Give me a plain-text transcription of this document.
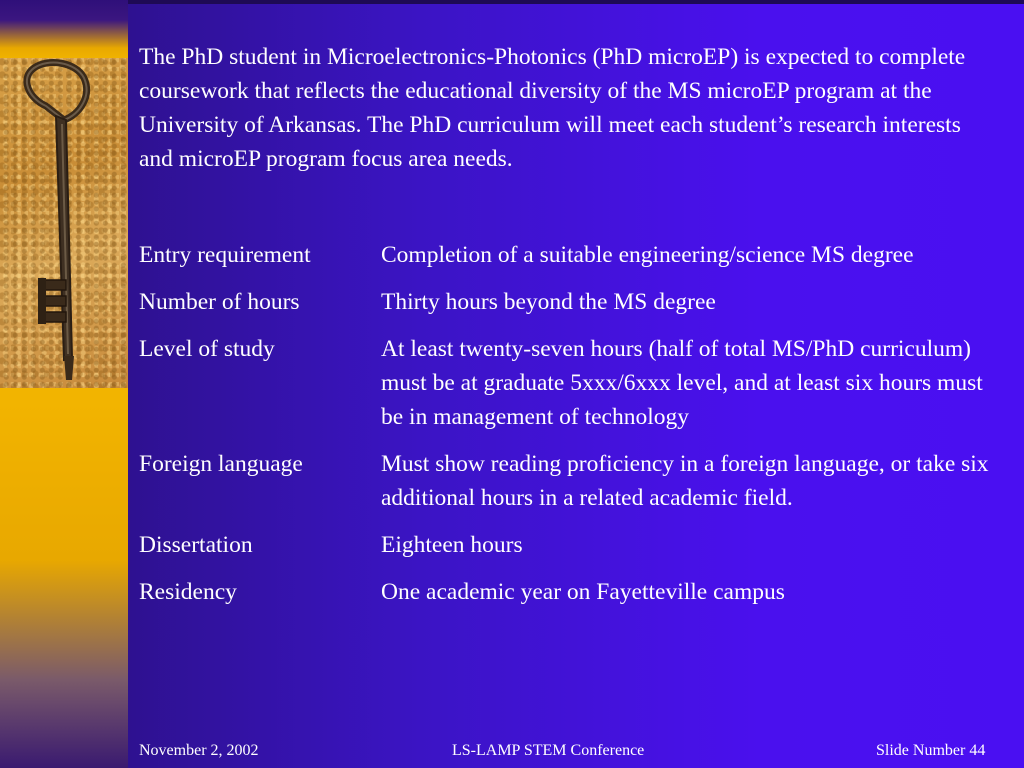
The PhD student in Microelectronics-Photonics (PhD microEP) is expected to complete coursework that reflects the educational diversity of the MS microEP program at the University of Arkansas. The PhD curriculum will meet each student’s research interests and microEP program focus area needs.

Entry requirement	Completion of a suitable engineering/science MS degree
Number of hours	Thirty hours beyond the MS degree
Level of study	At least twenty-seven hours (half of total MS/PhD curriculum) must be at graduate 5xxx/6xxx level, and at least six hours must be in management of technology
Foreign language	Must show reading proficiency in a foreign language, or take six additional hours in a related academic field.
Dissertation	Eighteen hours
Residency	One academic year on Fayetteville campus
November 2, 2002	LS-LAMP STEM Conference	Slide Number 44
